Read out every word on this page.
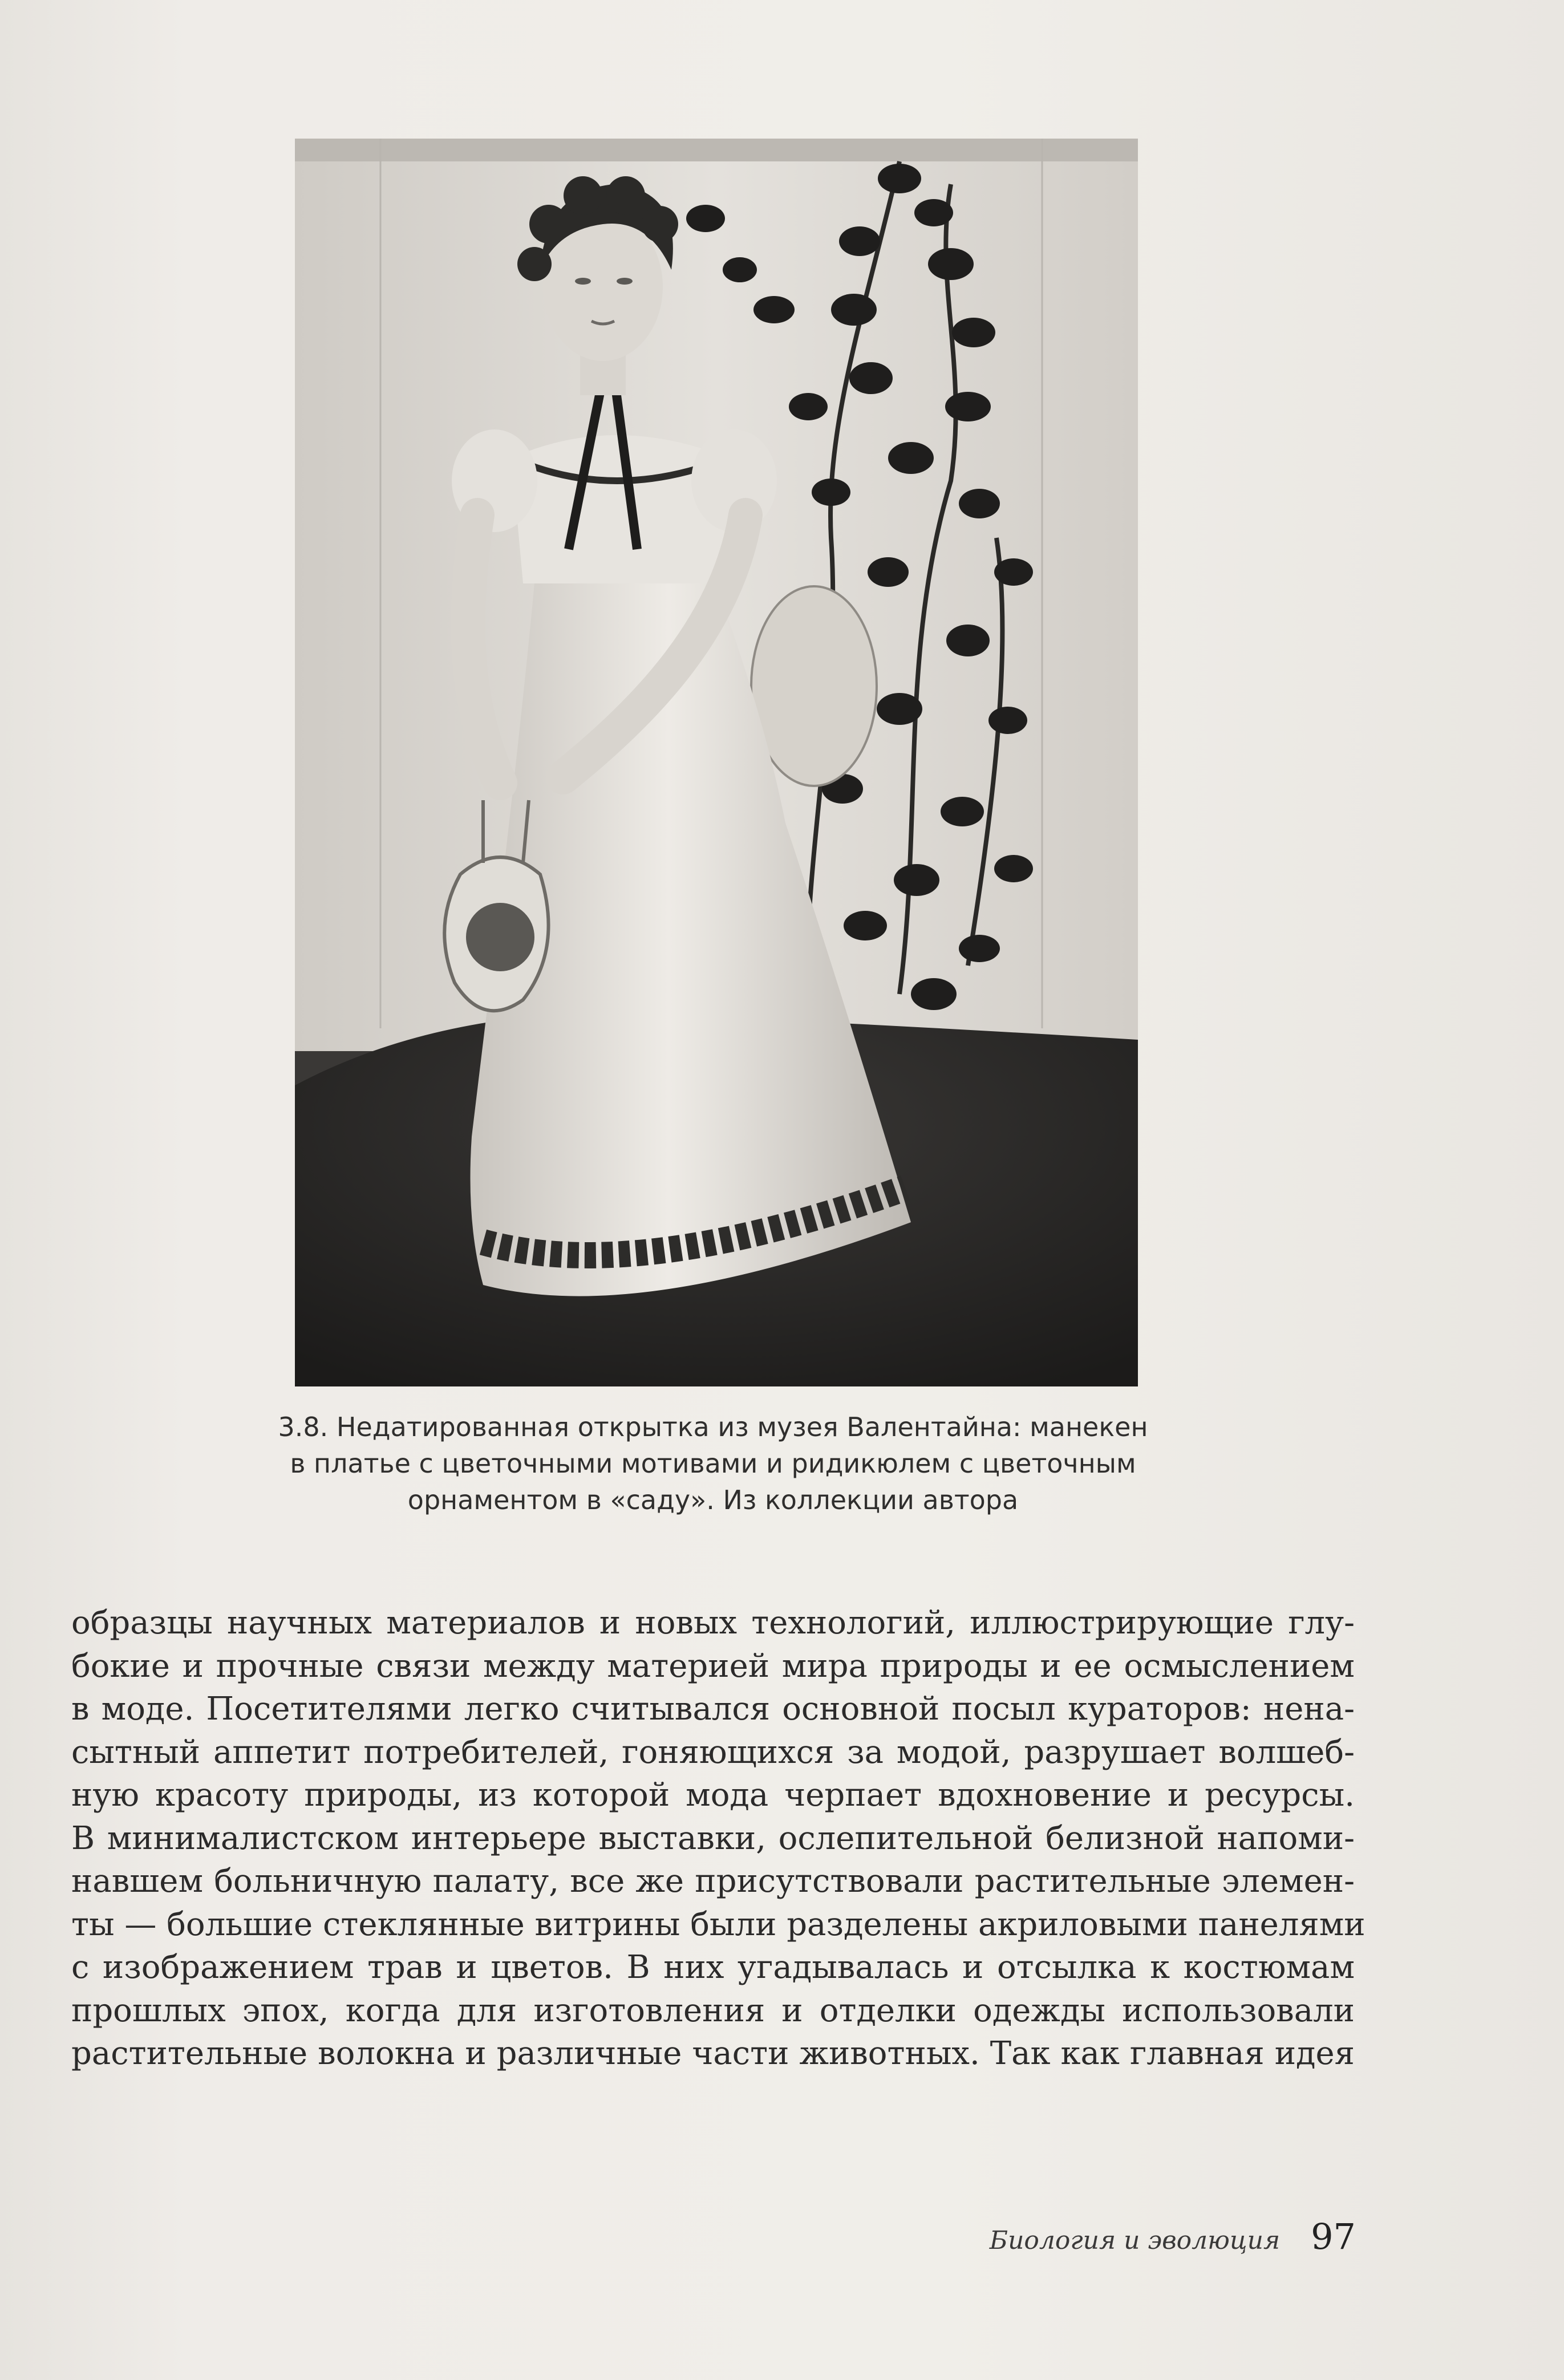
3.8. Недатированная открытка из музея Валентайна: манекен
в платье с цветочными мотивами и ридикюлем с цветочным
орнаментом в «саду». Из коллекции автора
образцы научных материалов и новых технологий, иллюстрирующие глу-
бокие и прочные связи между материей мира природы и ее осмыслением
в моде. Посетителями легко считывался основной посыл кураторов: нена-
сытный аппетит потребителей, гоняющихся за модой, разрушает волшеб-
ную красоту природы, из которой мода черпает вдохновение и ресурсы.
В минималистском интерьере выставки, ослепительной белизной напоми-
навшем больничную палату, все же присутствовали растительные элемен-
ты — большие стеклянные витрины были разделены акриловыми панелями
с изображением трав и цветов. В них угадывалась и отсылка к костюмам
прошлых эпох, когда для изготовления и отделки одежды использовали
растительные волокна и различные части животных. Так как главная идея
Биология и эволюция 97
